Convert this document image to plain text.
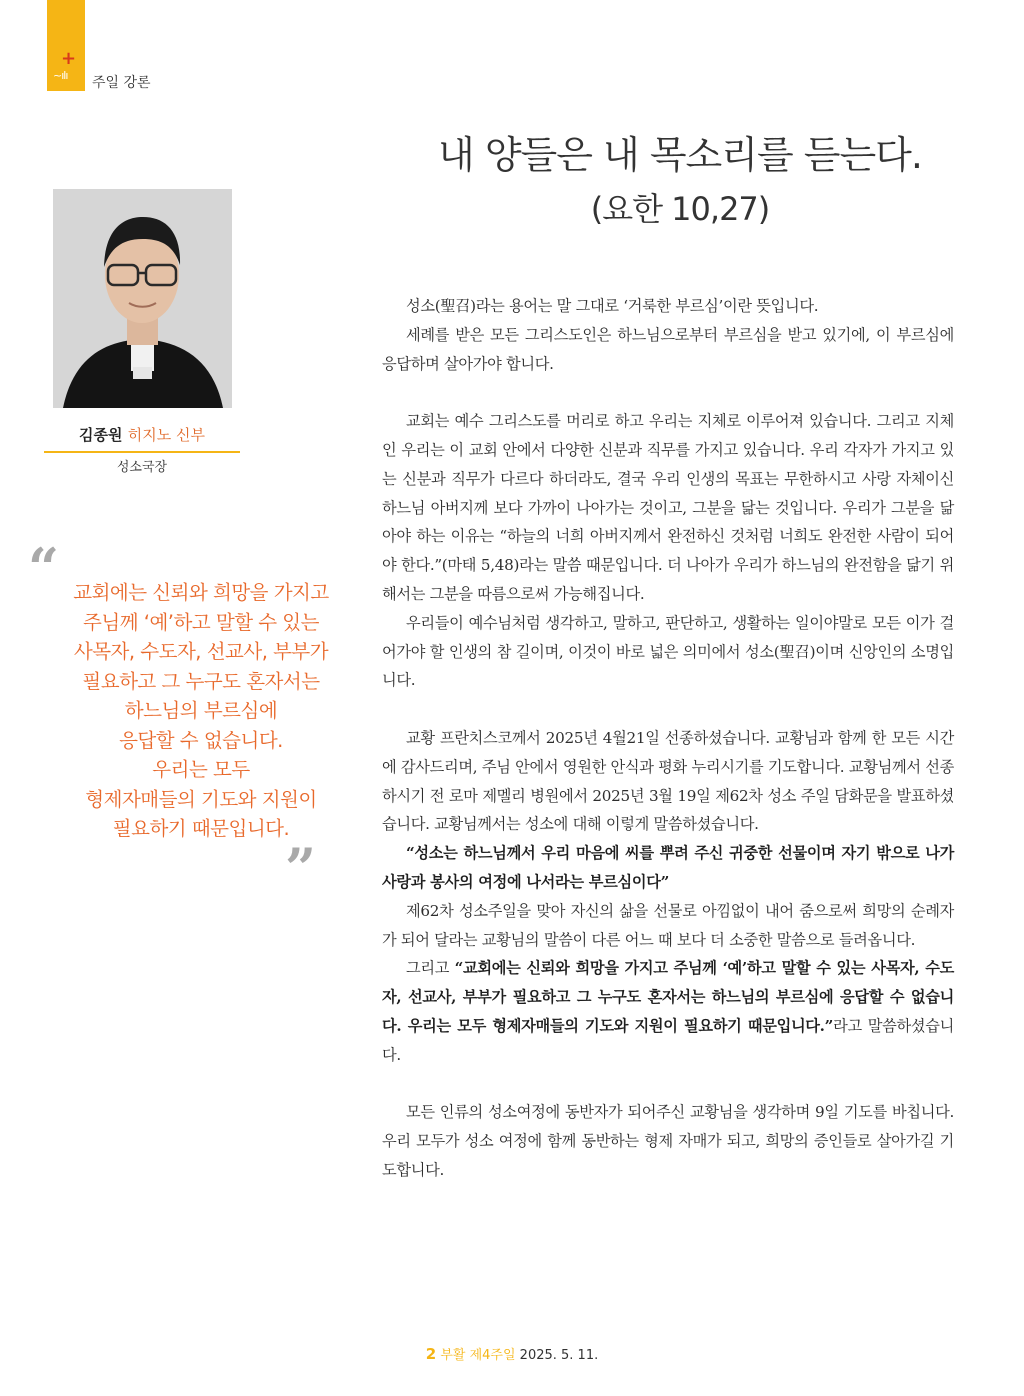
+
~ılı 주일 강론
내 양들은 내 목소리를 듣는다.
(요한 10,27)
김종원 히지노 신부
성소국장
“ 교회에는 신뢰와 희망을 가지고
주님께 ‘예’하고 말할 수 있는
사목자, 수도자, 선교사, 부부가
필요하고 그 누구도 혼자서는
하느님의 부르심에
응답할 수 없습니다.
우리는 모두
형제자매들의 기도와 지원이
필요하기 때문입니다.
”

성소(聖召)라는 용어는 말 그대로 ‘거룩한 부르심’이란 뜻입니다.

세례를 받은 모든 그리스도인은 하느님으로부터 부르심을 받고 있기에, 이 부르심에 응답하며 살아가야 합니다.

교회는 예수 그리스도를 머리로 하고 우리는 지체로 이루어져 있습니다. 그리고 지체인 우리는 이 교회 안에서 다양한 신분과 직무를 가지고 있습니다. 우리 각자가 가지고 있는 신분과 직무가 다르다 하더라도, 결국 우리 인생의 목표는 무한하시고 사랑 자체이신 하느님 아버지께 보다 가까이 나아가는 것이고, 그분을 닮는 것입니다. 우리가 그분을 닮아야 하는 이유는 “하늘의 너희 아버지께서 완전하신 것처럼 너희도 완전한 사람이 되어야 한다.”(마태 5,48)라는 말씀 때문입니다. 더 나아가 우리가 하느님의 완전함을 닮기 위해서는 그분을 따름으로써 가능해집니다.

우리들이 예수님처럼 생각하고, 말하고, 판단하고, 생활하는 일이야말로 모든 이가 걸어가야 할 인생의 참 길이며, 이것이 바로 넓은 의미에서 성소(聖召)이며 신앙인의 소명입니다.

교황 프란치스코께서 2025년 4월21일 선종하셨습니다. 교황님과 함께 한 모든 시간에 감사드리며, 주님 안에서 영원한 안식과 평화 누리시기를 기도합니다. 교황님께서 선종하시기 전 로마 제멜리 병원에서 2025년 3월 19일 제62차 성소 주일 담화문을 발표하셨습니다. 교황님께서는 성소에 대해 이렇게 말씀하셨습니다.

“성소는 하느님께서 우리 마음에 씨를 뿌려 주신 귀중한 선물이며 자기 밖으로 나가 사랑과 봉사의 여정에 나서라는 부르심이다”

제62차 성소주일을 맞아 자신의 삶을 선물로 아낌없이 내어 줌으로써 희망의 순례자가 되어 달라는 교황님의 말씀이 다른 어느 때 보다 더 소중한 말씀으로 들려옵니다.

그리고 “교회에는 신뢰와 희망을 가지고 주님께 ‘예’하고 말할 수 있는 사목자, 수도자, 선교사, 부부가 필요하고 그 누구도 혼자서는 하느님의 부르심에 응답할 수 없습니다. 우리는 모두 형제자매들의 기도와 지원이 필요하기 때문입니다.”라고 말씀하셨습니다.

모든 인류의 성소여정에 동반자가 되어주신 교황님을 생각하며 9일 기도를 바칩니다. 우리 모두가 성소 여정에 함께 동반하는 형제 자매가 되고, 희망의 증인들로 살아가길 기도합니다.

2 부활 제4주일 2025. 5. 11.
